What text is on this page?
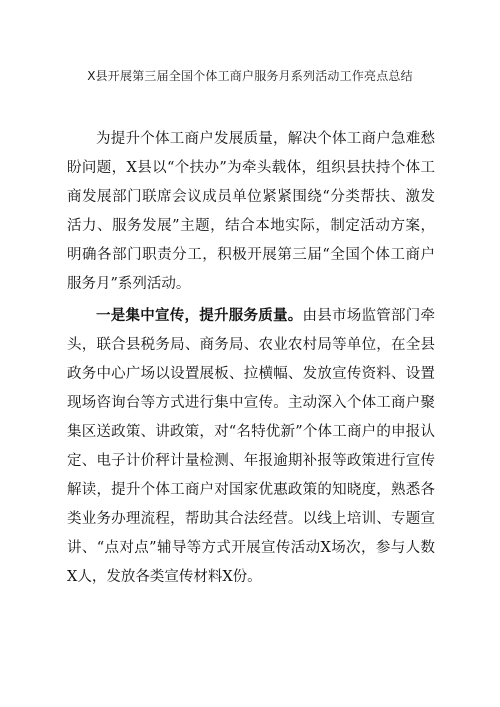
X县开展第三届全国个体工商户服务月系列活动工作亮点总结

为提升个体工商户发展质量，解决个体工商户急难愁盼问题，X县以“个扶办”为牵头载体，组织县扶持个体工商发展部门联席会议成员单位紧紧围绕“分类帮扶、激发活力、服务发展”主题，结合本地实际，制定活动方案，明确各部门职责分工，积极开展第三届“全国个体工商户服务月”系列活动。

一是集中宣传，提升服务质量。由县市场监管部门牵头，联合县税务局、商务局、农业农村局等单位，在全县政务中心广场以设置展板、拉横幅、发放宣传资料、设置现场咨询台等方式进行集中宣传。主动深入个体工商户聚集区送政策、讲政策，对“名特优新”个体工商户的申报认定、电子计价秤计量检测、年报逾期补报等政策进行宣传解读，提升个体工商户对国家优惠政策的知晓度，熟悉各类业务办理流程，帮助其合法经营。以线上培训、专题宣讲、“点对点”辅导等方式开展宣传活动X场次，参与人数X人，发放各类宣传材料X份。
